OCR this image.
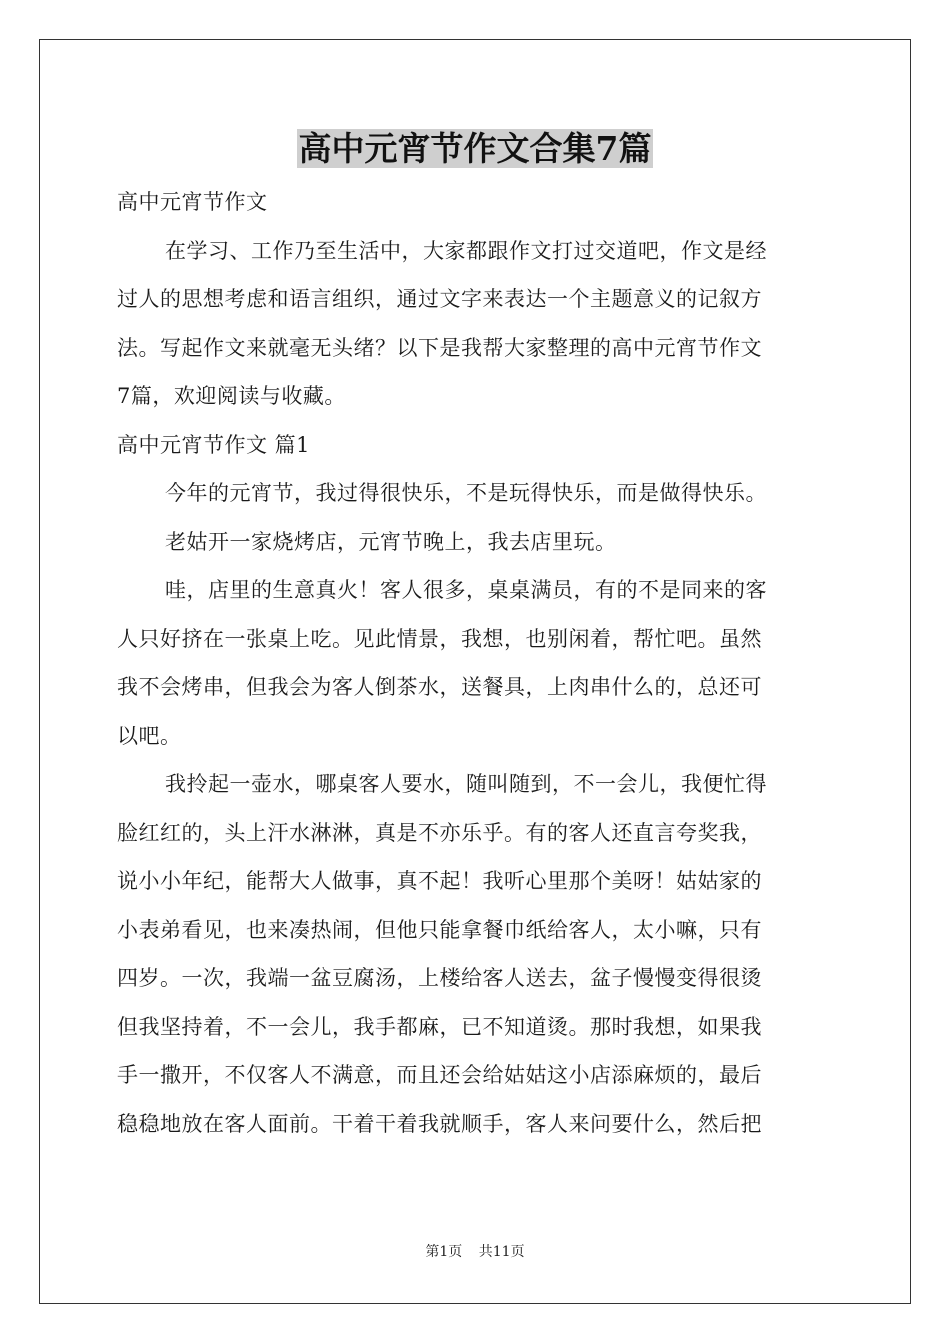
高中元宵节作文合集7篇
高中元宵节作文
在学习、工作乃至生活中，大家都跟作文打过交道吧，作文是经
过人的思想考虑和语言组织，通过文字来表达一个主题意义的记叙方
法。写起作文来就毫无头绪？以下是我帮大家整理的高中元宵节作文
7篇，欢迎阅读与收藏。
高中元宵节作文 篇1
今年的元宵节，我过得很快乐，不是玩得快乐，而是做得快乐。
老姑开一家烧烤店，元宵节晚上，我去店里玩。
哇，店里的生意真火！客人很多，桌桌满员，有的不是同来的客
人只好挤在一张桌上吃。见此情景，我想，也别闲着，帮忙吧。虽然
我不会烤串，但我会为客人倒茶水，送餐具，上肉串什么的，总还可
以吧。
我拎起一壶水，哪桌客人要水，随叫随到，不一会儿，我便忙得
脸红红的，头上汗水淋淋，真是不亦乐乎。有的客人还直言夸奖我，
说小小年纪，能帮大人做事，真不起！我听心里那个美呀！姑姑家的
小表弟看见，也来凑热闹，但他只能拿餐巾纸给客人，太小嘛，只有
四岁。一次，我端一盆豆腐汤，上楼给客人送去，盆子慢慢变得很烫
但我坚持着，不一会儿，我手都麻，已不知道烫。那时我想，如果我
手一撒开，不仅客人不满意，而且还会给姑姑这小店添麻烦的，最后
稳稳地放在客人面前。干着干着我就顺手，客人来问要什么，然后把
第1页 共11页
